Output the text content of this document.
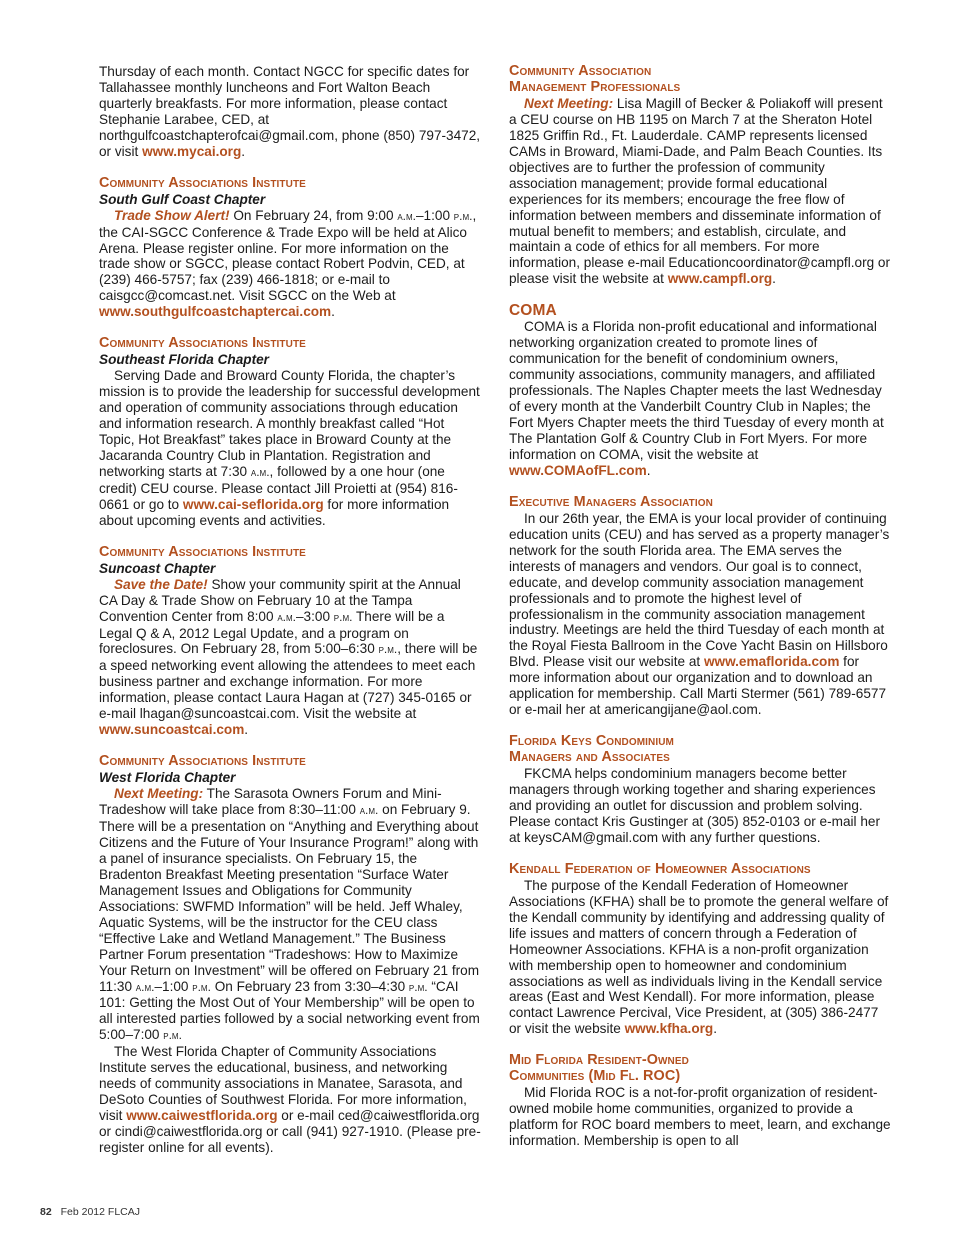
Thursday of each month. Contact NGCC for specific dates for Tallahassee monthly luncheons and Fort Walton Beach quarterly breakfasts. For more information, please contact Stephanie Larabee, CED, at northgulfcoastchapterofcai@gmail.com, phone (850) 797-3472, or visit www.mycai.org.

Community Associations Institute
South Gulf Coast Chapter

Trade Show Alert! On February 24, from 9:00 a.m.–1:00 p.m., the CAI-SGCC Conference & Trade Expo will be held at Alico Arena. Please register online. For more information on the trade show or SGCC, please contact Robert Podvin, CED, at (239) 466-5757; fax (239) 466-1818; or e-mail to caisgcc@comcast.net. Visit SGCC on the Web at www.southgulfcoastchaptercai.com.

Community Associations Institute
Southeast Florida Chapter

Serving Dade and Broward County Florida, the chapter’s mission is to provide the leadership for successful development and operation of community associations through education and information research. A monthly breakfast called “Hot Topic, Hot Breakfast” takes place in Broward County at the Jacaranda Country Club in Plantation. Registration and networking starts at 7:30 a.m., followed by a one hour (one credit) CEU course. Please contact Jill Proietti at (954) 816-0661 or go to www.cai-seflorida.org for more information about upcoming events and activities.

Community Associations Institute
Suncoast Chapter

Save the Date! Show your community spirit at the Annual CA Day & Trade Show on February 10 at the Tampa Convention Center from 8:00 a.m.–3:00 p.m. There will be a Legal Q & A, 2012 Legal Update, and a program on foreclosures. On February 28, from 5:00–6:30 p.m., there will be a speed networking event allowing the attendees to meet each business partner and exchange information. For more information, please contact Laura Hagan at (727) 345-0165 or e-mail lhagan@suncoastcai.com. Visit the website at www.suncoastcai.com.

Community Associations Institute
West Florida Chapter

Next Meeting: The Sarasota Owners Forum and Mini-Tradeshow will take place from 8:30–11:00 a.m. on February 9. There will be a presentation on “Anything and Everything about Citizens and the Future of Your Insurance Program!” along with a panel of insurance specialists. On February 15, the Bradenton Breakfast Meeting presentation “Surface Water Management Issues and Obligations for Community Associations: SWFMD Information” will be held. Jeff Whaley, Aquatic Systems, will be the instructor for the CEU class “Effective Lake and Wetland Management.” The Business Partner Forum presentation “Tradeshows: How to Maximize Your Return on Investment” will be offered on February 21 from 11:30 a.m.–1:00 p.m. On February 23 from 3:30–4:30 p.m. “CAI 101: Getting the Most Out of Your Membership” will be open to all interested parties followed by a social networking event from 5:00–7:00 p.m.

The West Florida Chapter of Community Associations Institute serves the educational, business, and networking needs of community associations in Manatee, Sarasota, and DeSoto Counties of Southwest Florida. For more information, visit www.caiwestflorida.org or e-mail ced@caiwestflorida.org or cindi@caiwestflorida.org or call (941) 927-1910. (Please pre-register online for all events).

Community Association
Management Professionals

Next Meeting: Lisa Magill of Becker & Poliakoff will present a CEU course on HB 1195 on March 7 at the Sheraton Hotel 1825 Griffin Rd., Ft. Lauderdale. CAMP represents licensed CAMs in Broward, Miami-Dade, and Palm Beach Counties. Its objectives are to further the profession of community association management; provide formal educational experiences for its members; encourage the free flow of information between members and disseminate information of mutual benefit to members; and establish, circulate, and maintain a code of ethics for all members. For more information, please e-mail Educationcoordinator@campfl.org or please visit the website at www.campfl.org.

COMA

COMA is a Florida non-profit educational and informational networking organization created to promote lines of communication for the benefit of condominium owners, community associations, community managers, and affiliated professionals. The Naples Chapter meets the last Wednesday of every month at the Vanderbilt Country Club in Naples; the Fort Myers Chapter meets the third Tuesday of every month at The Plantation Golf & Country Club in Fort Myers. For more information on COMA, visit the website at www.COMAofFL.com.

Executive Managers Association

In our 26th year, the EMA is your local provider of continuing education units (CEU) and has served as a property manager’s network for the south Florida area. The EMA serves the interests of managers and vendors. Our goal is to connect, educate, and develop community association management professionals and to promote the highest level of professionalism in the community association management industry. Meetings are held the third Tuesday of each month at the Royal Fiesta Ballroom in the Cove Yacht Basin on Hillsboro Blvd. Please visit our website at www.emaflorida.com for more information about our organization and to download an application for membership. Call Marti Stermer (561) 789-6577 or e-mail her at americangijane@aol.com.

Florida Keys Condominium
Managers and Associates

FKCMA helps condominium managers become better managers through working together and sharing experiences and providing an outlet for discussion and problem solving. Please contact Kris Gustinger at (305) 852-0103 or e-mail her at keysCAM@gmail.com with any further questions.

Kendall Federation of Homeowner Associations

The purpose of the Kendall Federation of Homeowner Associations (KFHA) shall be to promote the general welfare of the Kendall community by identifying and addressing quality of life issues and matters of concern through a Federation of Homeowner Associations. KFHA is a non-profit organization with membership open to homeowner and condominium associations as well as individuals living in the Kendall service areas (East and West Kendall). For more information, please contact Lawrence Percival, Vice President, at (305) 386-2477 or visit the website www.kfha.org.

Mid Florida Resident-Owned
Communities (Mid Fl. ROC)

Mid Florida ROC is a not-for-profit organization of resident-owned mobile home communities, organized to provide a platform for ROC board members to meet, learn, and exchange information. Membership is open to all

82 Feb 2012 FLCAJ
